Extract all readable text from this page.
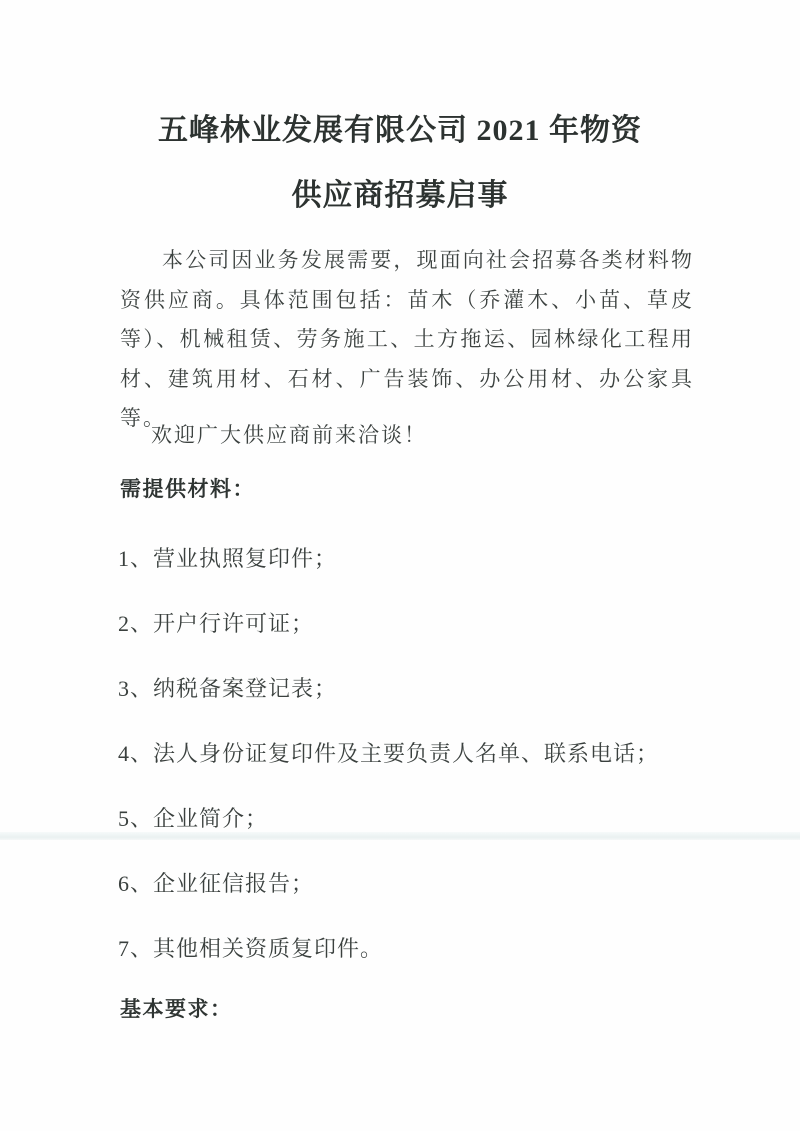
五峰林业发展有限公司 2021 年物资
供应商招募启事

本公司因业务发展需要，现面向社会招募各类材料物资供应商。具体范围包括：苗木（乔灌木、小苗、草皮等）、机械租赁、劳务施工、土方拖运、园林绿化工程用材、建筑用材、石材、广告装饰、办公用材、办公家具等。

欢迎广大供应商前来洽谈！

需提供材料：
1、营业执照复印件；
2、开户行许可证；
3、纳税备案登记表；
4、法人身份证复印件及主要负责人名单、联系电话；
5、企业简介；
6、企业征信报告；
7、其他相关资质复印件。
基本要求：
